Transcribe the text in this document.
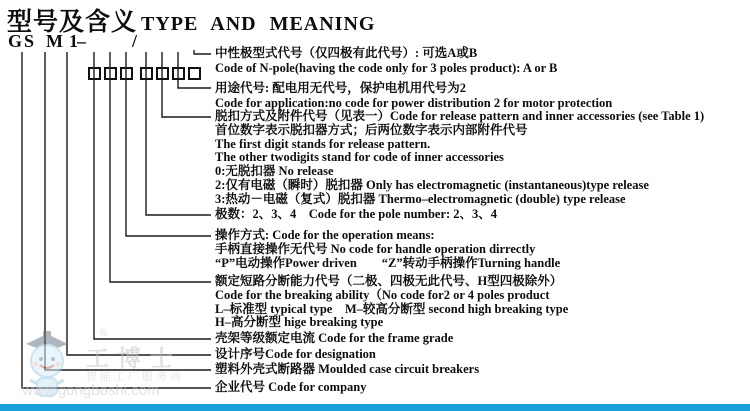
型号及含义 TYPE AND MEANING
GS M 1 –	/
中性极型式代号（仅四极有此代号）: 可选A或B
Code of N-pole(having the code only for 3 poles product): A or B
用途代号: 配电用无代号，保护电机用代号为2
Code for application:no code for power distribution 2 for motor protection
脱扣方式及附件代号（见表一）Code for release pattern and inner accessories (see Table 1)
首位数字表示脱扣器方式；后两位数字表示内部附件代号
The first digit stands for release pattern.
The other twodigits stand for code of inner accessories
0:无脱扣器 No release
2:仅有电磁（瞬时）脱扣器 Only has electromagnetic (instantaneous)type release
3:热动－电磁（复式）脱扣器 Thermo–electromagnetic (double) type release
极数：2、3、4　Code for the pole number: 2、3、4
操作方式: Code for the operation means:
手柄直接操作无代号 No code for handle operation dirrectly
“P”电动操作Power driven　　“Z”转动手柄操作Turning handle
额定短路分断能力代号（二极、四极无此代号、H型四极除外）
Code for the breaking ability（No code for2 or 4 poles product
L–标准型 typical type　M–较高分断型 second high breaking type
H–高分断型 hige breaking type
壳架等级额定电流 Code for the frame grade
设计序号Code for designation
塑料外壳式断路器 Moulded case circuit breakers
企业代号 Code for company
®
工博士
智能工厂服务商
www.gongboshi.com
